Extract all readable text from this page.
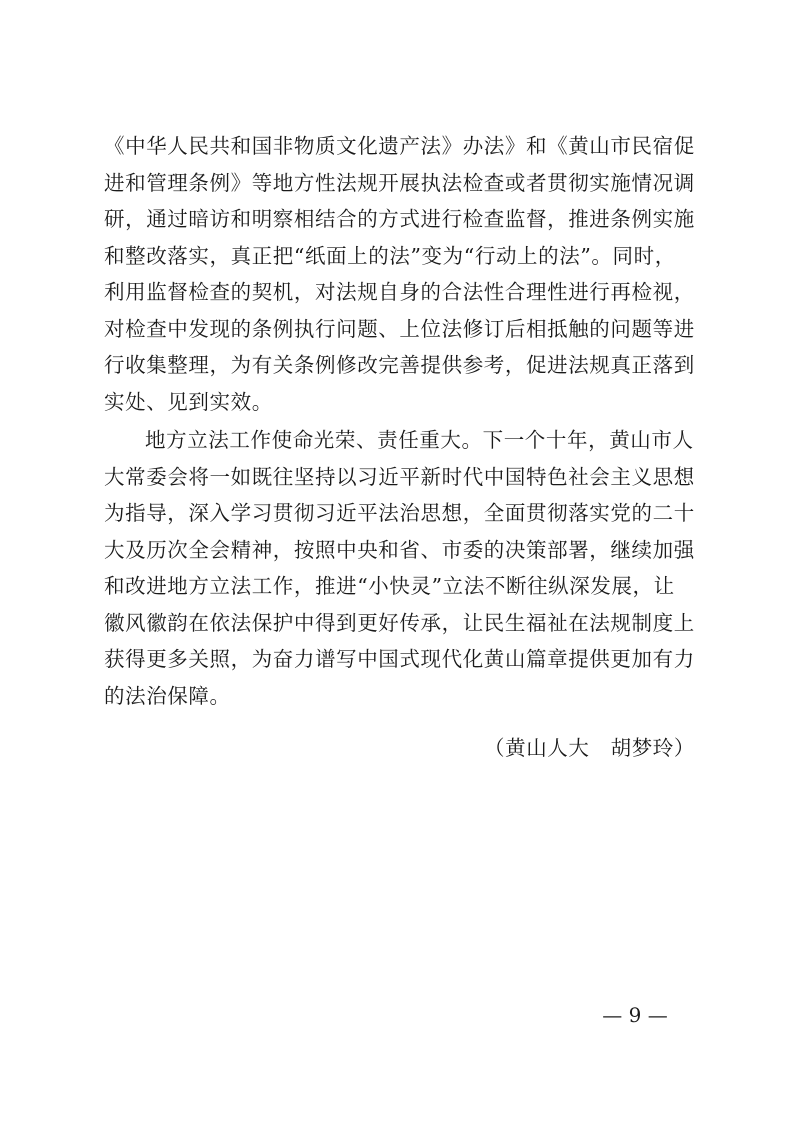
《中华人民共和国非物质文化遗产法》办法》和《黄山市民宿促
进和管理条例》等地方性法规开展执法检查或者贯彻实施情况调
研，通过暗访和明察相结合的方式进行检查监督，推进条例实施
和整改落实，真正把“纸面上的法”变为“行动上的法”。同时，
利用监督检查的契机，对法规自身的合法性合理性进行再检视，
对检查中发现的条例执行问题、上位法修订后相抵触的问题等进
行收集整理，为有关条例修改完善提供参考，促进法规真正落到
实处、见到实效。
地方立法工作使命光荣、责任重大。下一个十年，黄山市人
大常委会将一如既往坚持以习近平新时代中国特色社会主义思想
为指导，深入学习贯彻习近平法治思想，全面贯彻落实党的二十
大及历次全会精神，按照中央和省、市委的决策部署，继续加强
和改进地方立法工作，推进“小快灵”立法不断往纵深发展，让
徽风徽韵在依法保护中得到更好传承，让民生福祉在法规制度上
获得更多关照，为奋力谱写中国式现代化黄山篇章提供更加有力
的法治保障。
（黄山人大　胡梦玲）
— 9 —
